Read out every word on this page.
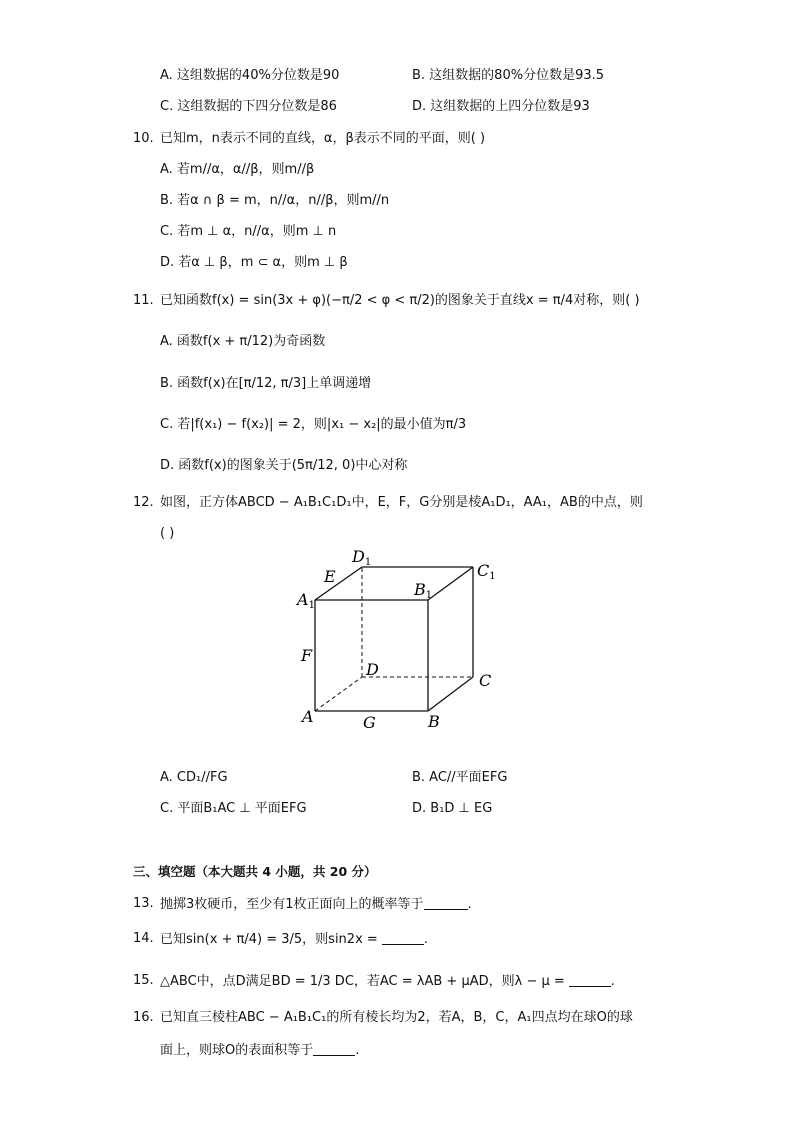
A. 这组数据的40%分位数是90	B. 这组数据的80%分位数是93.5
C. 这组数据的下四分位数是86	D. 这组数据的上四分位数是93
10. 已知m，n表示不同的直线，α，β表示不同的平面，则( )
A. 若m//α，α//β，则m//β
B. 若α ∩ β = m，n//α，n//β，则m//n
C. 若m ⊥ α，n//α，则m ⊥ n
D. 若α ⊥ β，m ⊂ α，则m ⊥ β
11. 已知函数f(x) = sin(3x + φ)(−π/2 < φ < π/2)的图象关于直线x = π/4对称，则( )
A. 函数f(x + π/12)为奇函数
B. 函数f(x)在[π/12, π/3]上单调递增
C. 若|f(x₁) − f(x₂)| = 2，则|x₁ − x₂|的最小值为π/3
D. 函数f(x)的图象关于(5π/12, 0)中心对称
12. 如图，正方体ABCD − A₁B₁C₁D₁中，E，F，G分别是棱A₁D₁，AA₁，AB的中点，则
( )
D1	C1
A1
B1
E
F
D
C
A	G	B
A. CD₁//FG	B. AC//平面EFG
C. 平面B₁AC ⊥ 平面EFG	D. B₁D ⊥ EG
三、填空题（本大题共 4 小题，共 20 分）
13. 抛掷3枚硬币，至少有1枚正面向上的概率等于	.
14. 已知sin(x + π/4) = 3/5，则sin2x =	.
15. △ABC中，点D满足BD = 1/3 DC，若AC = λAB + μAD，则λ − μ =	.
16. 已知直三棱柱ABC − A₁B₁C₁的所有棱长均为2，若A，B，C，A₁四点均在球O的球
面上，则球O的表面积等于	.
